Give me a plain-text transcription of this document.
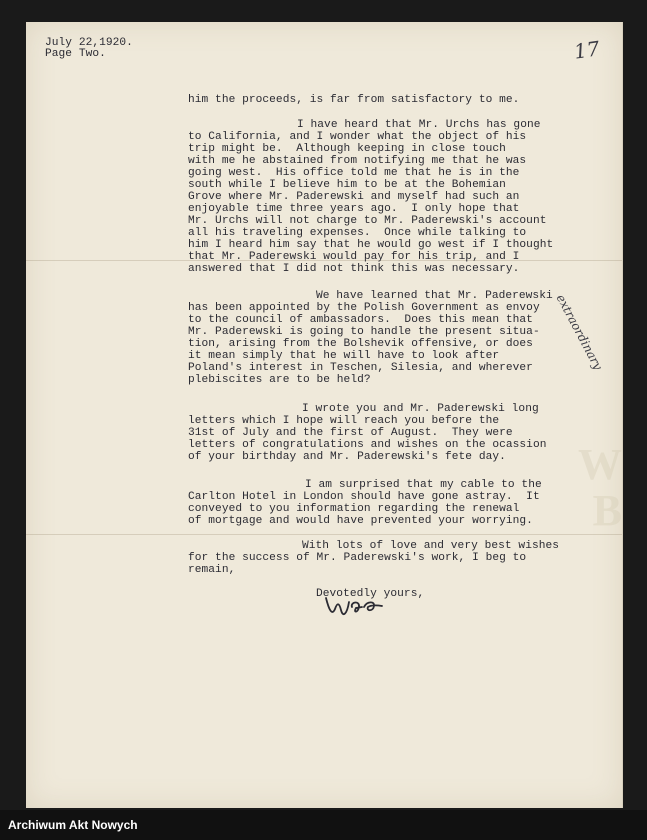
W
B
July 22,1920.
Page Two.	17
him the proceeds, is far from satisfactory to me.
I have heard that Mr. Urchs has gone
to California, and I wonder what the object of his
trip might be.  Although keeping in close touch
with me he abstained from notifying me that he was
going west.  His office told me that he is in the
south while I believe him to be at the Bohemian
Grove where Mr. Paderewski and myself had such an
enjoyable time three years ago.  I only hope that
Mr. Urchs will not charge to Mr. Paderewski's account
all his traveling expenses.  Once while talking to
him I heard him say that he would go west if I thought
that Mr. Paderewski would pay for his trip, and I
answered that I did not think this was necessary.
We have learned that Mr. Paderewski
has been appointed by the Polish Government as envoy
to the council of ambassadors.  Does this mean that
Mr. Paderewski is going to handle the present situa-
tion, arising from the Bolshevik offensive, or does
it mean simply that he will have to look after
Poland's interest in Teschen, Silesia, and wherever
plebiscites are to be held?
I wrote you and Mr. Paderewski long
letters which I hope will reach you before the
31st of July and the first of August.  They were
letters of congratulations and wishes on the ocassion
of your birthday and Mr. Paderewski's fete day.
I am surprised that my cable to the
Carlton Hotel in London should have gone astray.  It
conveyed to you information regarding the renewal
of mortgage and would have prevented your worrying.
With lots of love and very best wishes
for the success of Mr. Paderewski's work, I beg to
remain,
Devotedly yours,
extraordinary
Archiwum Akt Nowych
